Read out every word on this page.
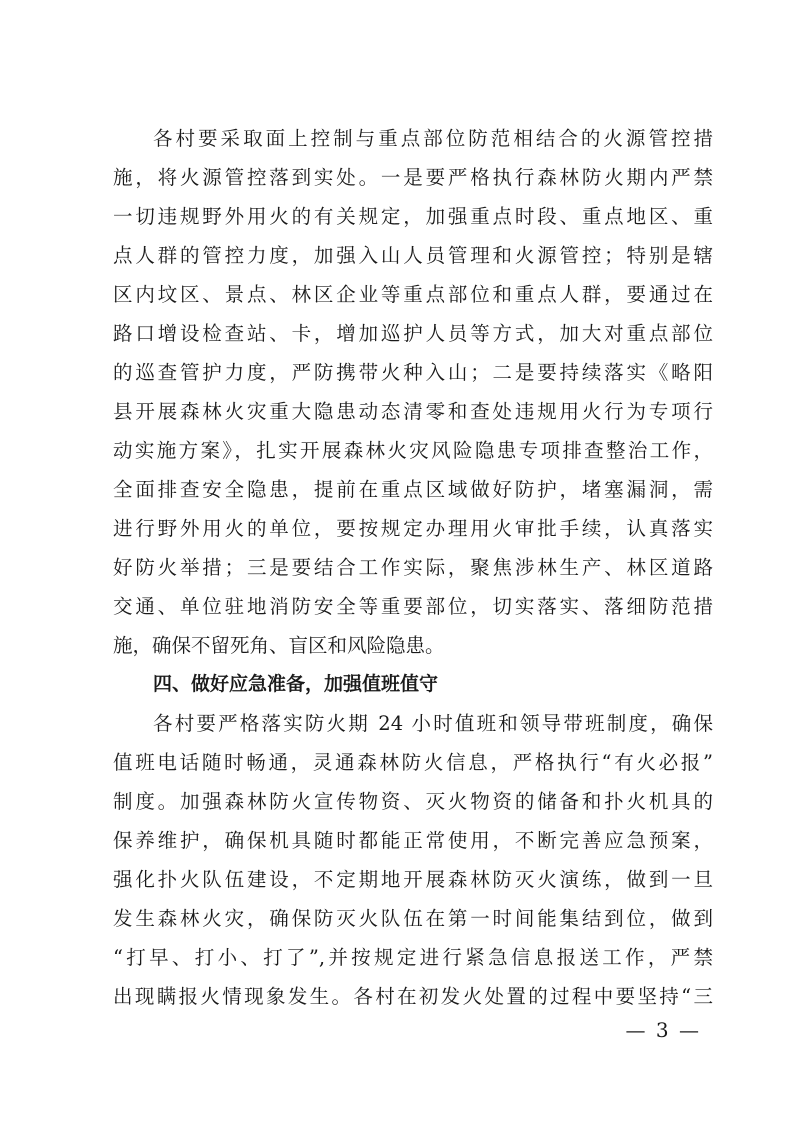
各村要采取面上控制与重点部位防范相结合的火源管控措
施，将火源管控落到实处。一是要严格执行森林防火期内严禁
一切违规野外用火的有关规定，加强重点时段、重点地区、重
点人群的管控力度，加强入山人员管理和火源管控；特别是辖
区内坟区、景点、林区企业等重点部位和重点人群，要通过在
路口增设检查站、卡，增加巡护人员等方式，加大对重点部位
的巡查管护力度，严防携带火种入山；二是要持续落实《略阳
县开展森林火灾重大隐患动态清零和查处违规用火行为专项行
动实施方案》，扎实开展森林火灾风险隐患专项排查整治工作，
全面排查安全隐患，提前在重点区域做好防护，堵塞漏洞，需
进行野外用火的单位，要按规定办理用火审批手续，认真落实
好防火举措；三是要结合工作实际，聚焦涉林生产、林区道路
交通、单位驻地消防安全等重要部位，切实落实、落细防范措
施，确保不留死角、盲区和风险隐患。
四、做好应急准备，加强值班值守
各村要严格落实防火期 24 小时值班和领导带班制度，确保
值班电话随时畅通，灵通森林防火信息，严格执行“有火必报”
制度。加强森林防火宣传物资、灭火物资的储备和扑火机具的
保养维护，确保机具随时都能正常使用，不断完善应急预案，
强化扑火队伍建设，不定期地开展森林防灭火演练，做到一旦
发生森林火灾，确保防灭火队伍在第一时间能集结到位，做到
“打早、打小、打了”,并按规定进行紧急信息报送工作，严禁
出现瞒报火情现象发生。各村在初发火处置的过程中要坚持“三
— 3 —
